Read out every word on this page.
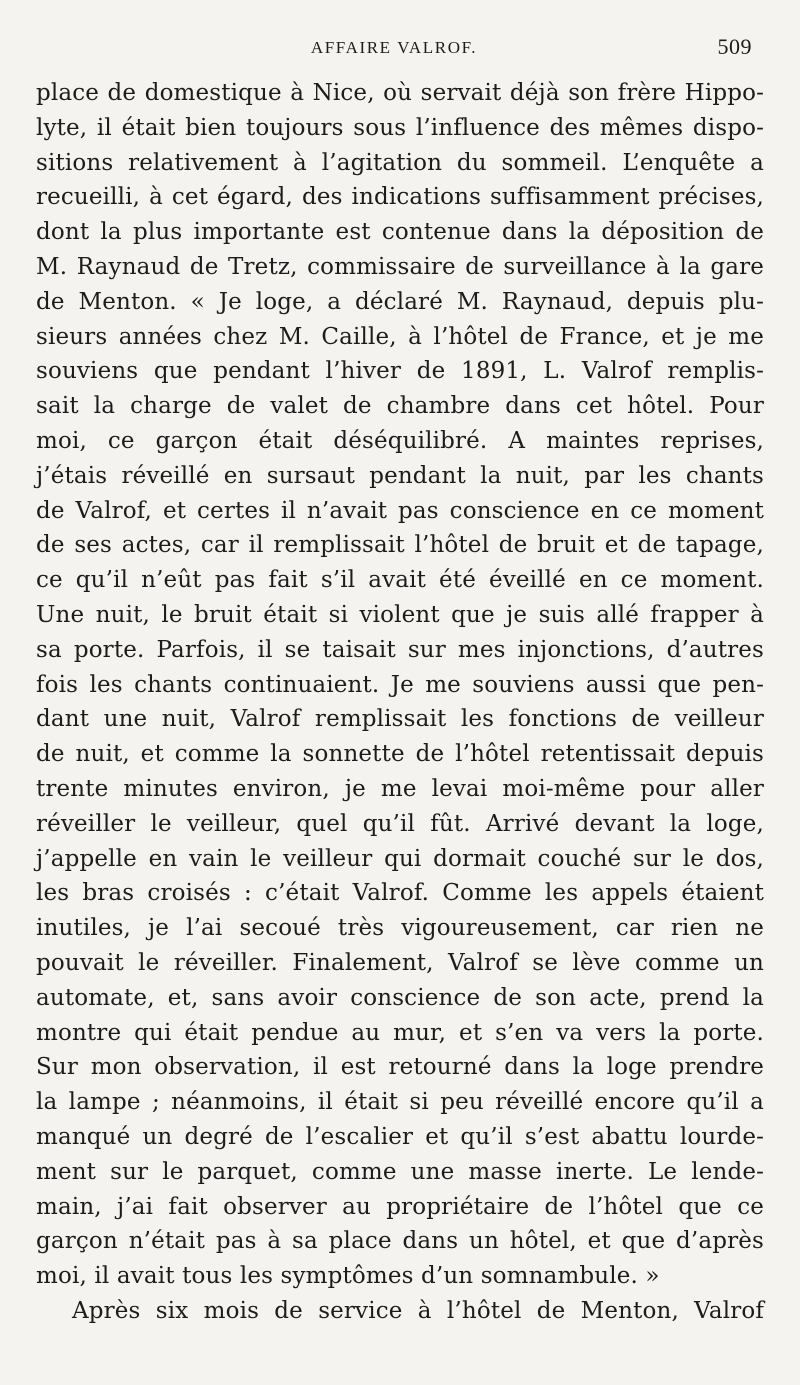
AFFAIRE VALROF.	509
place de domestique à Nice, où servait déjà son frère Hippo-
lyte, il était bien toujours sous l’influence des mêmes dispo-
sitions relativement à l’agitation du sommeil. L’enquête a
recueilli, à cet égard, des indications suffisamment précises,
dont la plus importante est contenue dans la déposition de
M. Raynaud de Tretz, commissaire de surveillance à la gare
de Menton. « Je loge, a déclaré M. Raynaud, depuis plu-
sieurs années chez M. Caille, à l’hôtel de France, et je me
souviens que pendant l’hiver de 1891, L. Valrof remplis-
sait la charge de valet de chambre dans cet hôtel. Pour
moi, ce garçon était déséquilibré. A maintes reprises,
j’étais réveillé en sursaut pendant la nuit, par les chants
de Valrof, et certes il n’avait pas conscience en ce moment
de ses actes, car il remplissait l’hôtel de bruit et de tapage,
ce qu’il n’eût pas fait s’il avait été éveillé en ce moment.
Une nuit, le bruit était si violent que je suis allé frapper à
sa porte. Parfois, il se taisait sur mes injonctions, d’autres
fois les chants continuaient. Je me souviens aussi que pen-
dant une nuit, Valrof remplissait les fonctions de veilleur
de nuit, et comme la sonnette de l’hôtel retentissait depuis
trente minutes environ, je me levai moi-même pour aller
réveiller le veilleur, quel qu’il fût. Arrivé devant la loge,
j’appelle en vain le veilleur qui dormait couché sur le dos,
les bras croisés : c’était Valrof. Comme les appels étaient
inutiles, je l’ai secoué très vigoureusement, car rien ne
pouvait le réveiller. Finalement, Valrof se lève comme un
automate, et, sans avoir conscience de son acte, prend la
montre qui était pendue au mur, et s’en va vers la porte.
Sur mon observation, il est retourné dans la loge prendre
la lampe ; néanmoins, il était si peu réveillé encore qu’il a
manqué un degré de l’escalier et qu’il s’est abattu lourde-
ment sur le parquet, comme une masse inerte. Le lende-
main, j’ai fait observer au propriétaire de l’hôtel que ce
garçon n’était pas à sa place dans un hôtel, et que d’après
moi, il avait tous les symptômes d’un somnambule. »
Après six mois de service à l’hôtel de Menton, Valrof
